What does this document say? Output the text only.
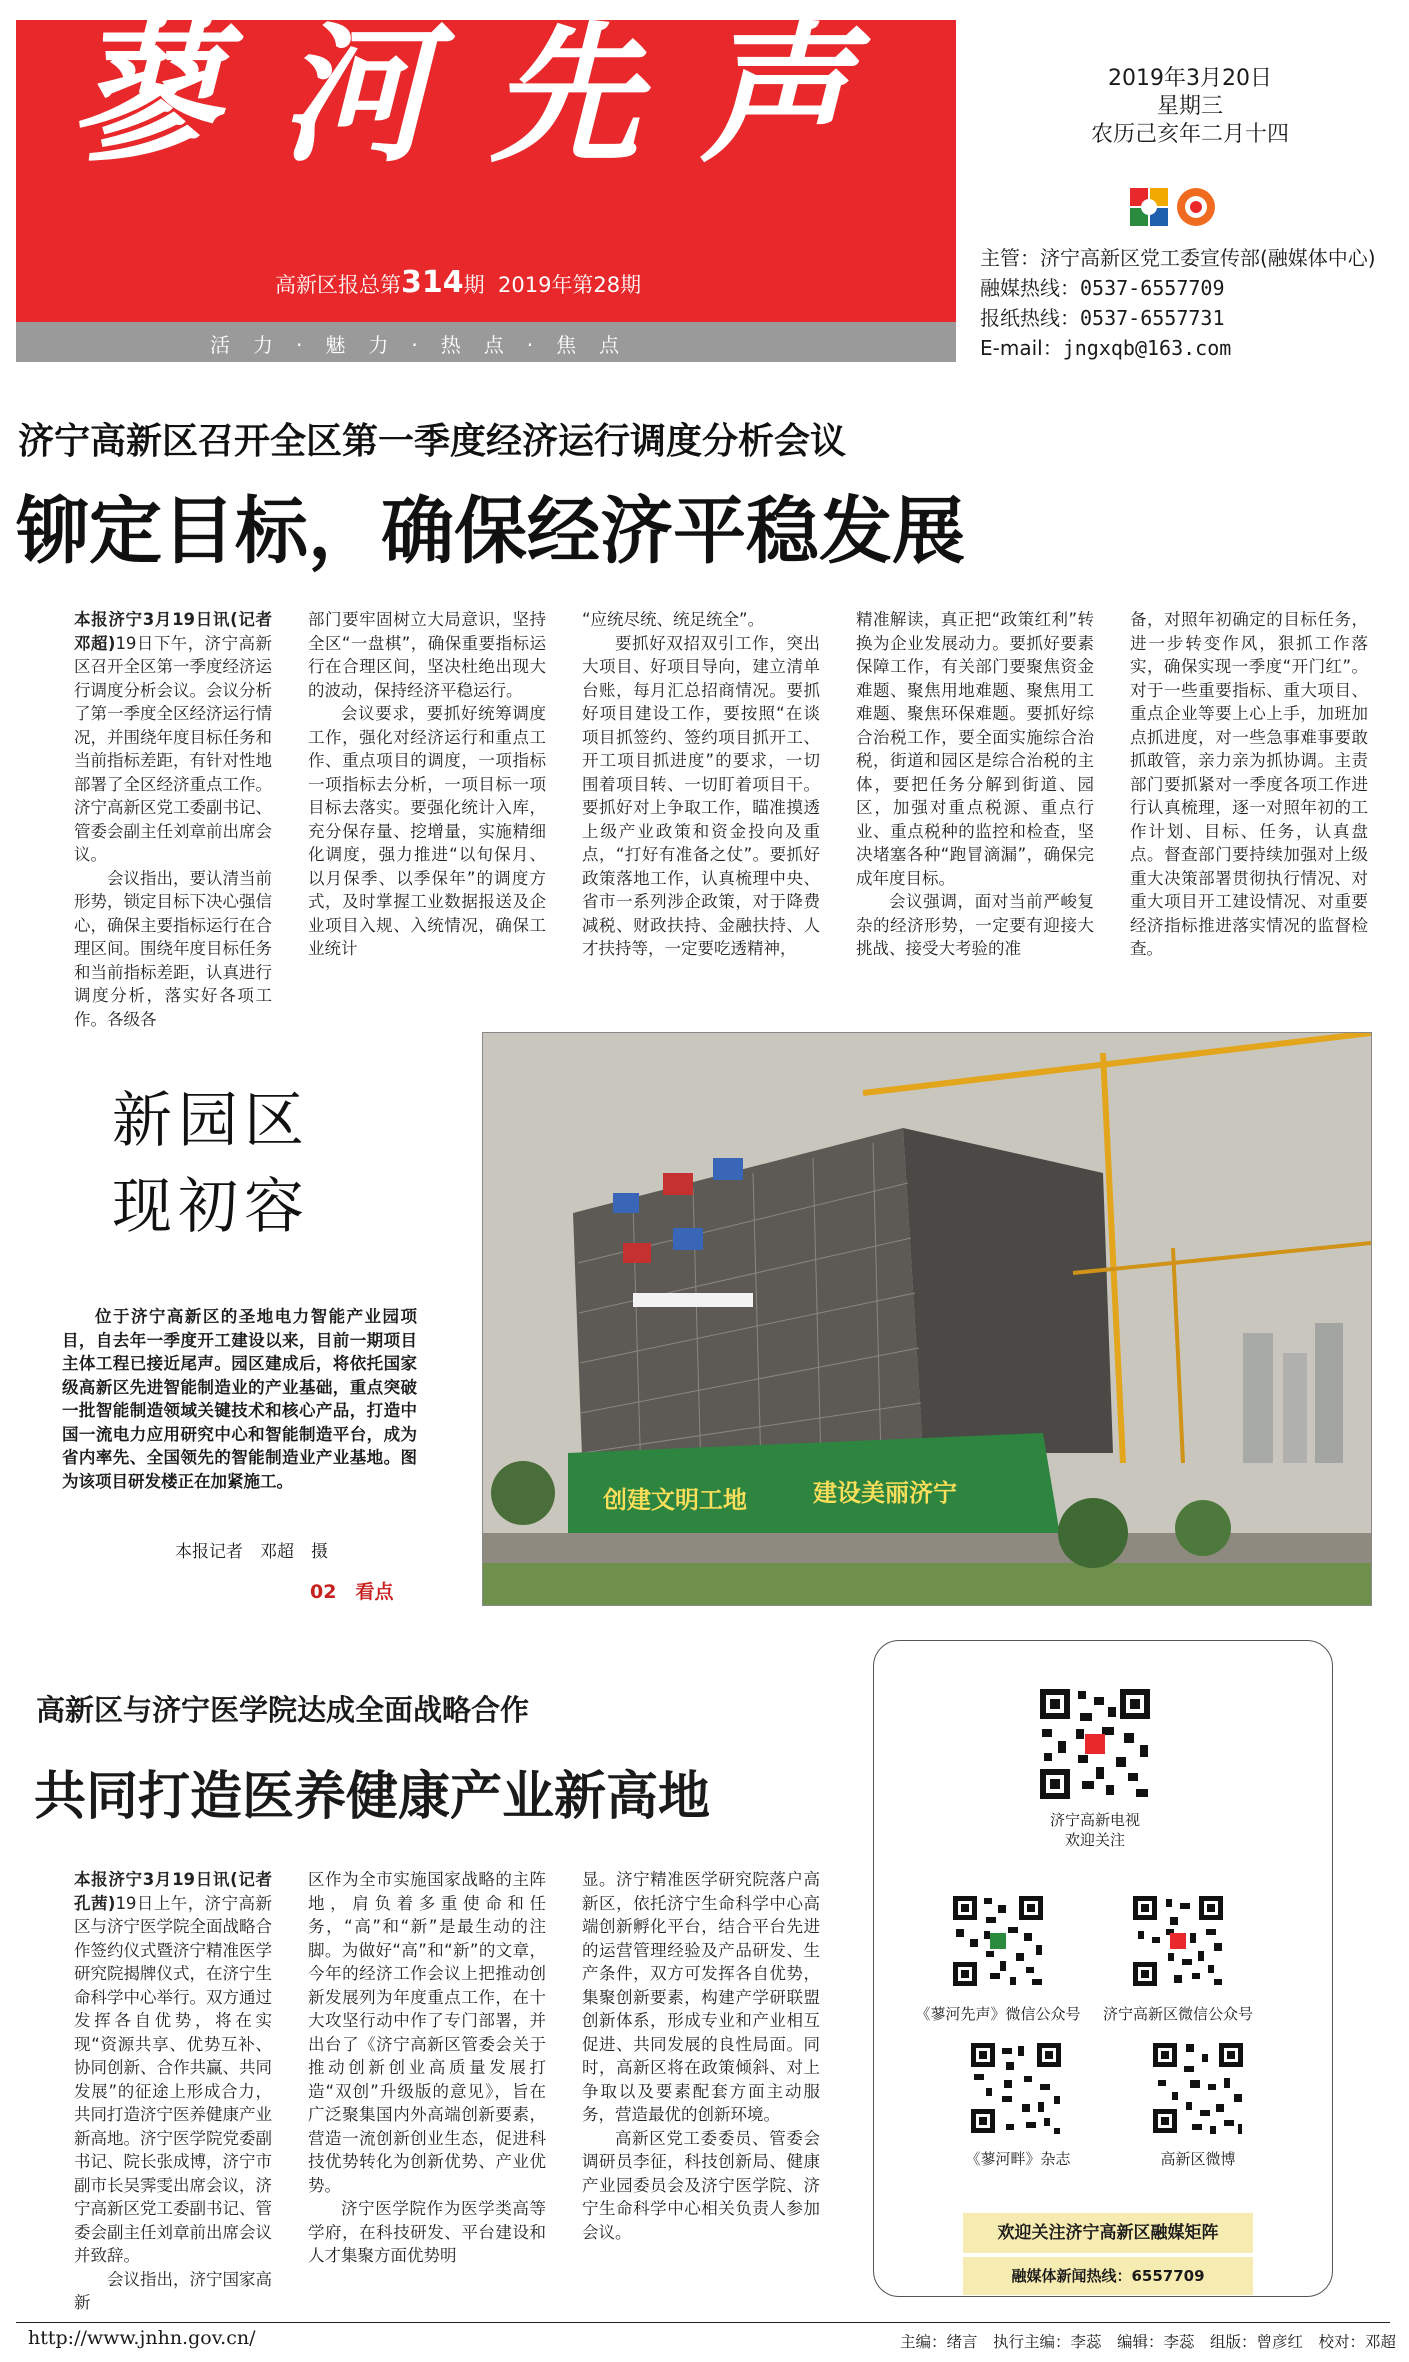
蓼河先声
高新区报总第314期 2019年第28期
活力·魅力·热点·焦点
2019年3月20日
星期三
农历己亥年二月十四
主管：济宁高新区党工委宣传部(融媒体中心)
融媒热线：0537-6557709
报纸热线：0537-6557731
E-mail：jngxqb@163.com
济宁高新区召开全区第一季度经济运行调度分析会议
铆定目标，确保经济平稳发展

本报济宁3月19日讯(记者 邓超)19日下午，济宁高新区召开全区第一季度经济运行调度分析会议。会议分析了第一季度全区经济运行情况，并围绕年度目标任务和当前指标差距，有针对性地部署了全区经济重点工作。济宁高新区党工委副书记、管委会副主任刘章前出席会议。

会议指出，要认清当前形势，锁定目标下决心强信心，确保主要指标运行在合理区间。围绕年度目标任务和当前指标差距，认真进行调度分析，落实好各项工作。各级各

部门要牢固树立大局意识，坚持全区“一盘棋”，确保重要指标运行在合理区间，坚决杜绝出现大的波动，保持经济平稳运行。

会议要求，要抓好统筹调度工作，强化对经济运行和重点工作、重点项目的调度，一项指标一项指标去分析，一项目标一项目标去落实。要强化统计入库，充分保存量、挖增量，实施精细化调度，强力推进“以旬保月、以月保季、以季保年”的调度方式，及时掌握工业数据报送及企业项目入规、入统情况，确保工业统计

“应统尽统、统足统全”。

要抓好双招双引工作，突出大项目、好项目导向，建立清单台账，每月汇总招商情况。要抓好项目建设工作，要按照“在谈项目抓签约、签约项目抓开工、开工项目抓进度”的要求，一切围着项目转、一切盯着项目干。要抓好对上争取工作，瞄准摸透上级产业政策和资金投向及重点，“打好有准备之仗”。要抓好政策落地工作，认真梳理中央、省市一系列涉企政策，对于降费减税、财政扶持、金融扶持、人才扶持等，一定要吃透精神，

精准解读，真正把“政策红利”转换为企业发展动力。要抓好要素保障工作，有关部门要聚焦资金难题、聚焦用地难题、聚焦用工难题、聚焦环保难题。要抓好综合治税工作，要全面实施综合治税，街道和园区是综合治税的主体，要把任务分解到街道、园区，加强对重点税源、重点行业、重点税种的监控和检查，坚决堵塞各种“跑冒滴漏”，确保完成年度目标。

会议强调，面对当前严峻复杂的经济形势，一定要有迎接大挑战、接受大考验的准

备，对照年初确定的目标任务，进一步转变作风，狠抓工作落实，确保实现一季度“开门红”。对于一些重要指标、重大项目、重点企业等要上心上手，加班加点抓进度，对一些急事难事要敢抓敢管，亲力亲为抓协调。主责部门要抓紧对一季度各项工作进行认真梳理，逐一对照年初的工作计划、目标、任务，认真盘点。督查部门要持续加强对上级重大决策部署贯彻执行情况、对重大项目开工建设情况、对重要经济指标推进落实情况的监督检查。

新园区
现初容

位于济宁高新区的圣地电力智能产业园项目，自去年一季度开工建设以来，目前一期项目主体工程已接近尾声。园区建成后，将依托国家级高新区先进智能制造业的产业基础，重点突破一批智能制造领域关键技术和核心产品，打造中国一流电力应用研究中心和智能制造平台，成为省内率先、全国领先的智能制造业产业基地。图为该项目研发楼正在加紧施工。

本报记者　邓超　摄
02　看点
创建文明工地	建设美丽济宁
高新区与济宁医学院达成全面战略合作
共同打造医养健康产业新高地

本报济宁3月19日讯(记者 孔茜)19日上午，济宁高新区与济宁医学院全面战略合作签约仪式暨济宁精准医学研究院揭牌仪式，在济宁生命科学中心举行。双方通过发挥各自优势，将在实现“资源共享、优势互补、协同创新、合作共赢、共同发展”的征途上形成合力，共同打造济宁医养健康产业新高地。济宁医学院党委副书记、院长张成博，济宁市副市长吴霁雯出席会议，济宁高新区党工委副书记、管委会副主任刘章前出席会议并致辞。

会议指出，济宁国家高新

区作为全市实施国家战略的主阵地，肩负着多重使命和任务，“高”和“新”是最生动的注脚。为做好“高”和“新”的文章，今年的经济工作会议上把推动创新发展列为年度重点工作，在十大攻坚行动中作了专门部署，并出台了《济宁高新区管委会关于推动创新创业高质量发展打造“双创”升级版的意见》，旨在广泛聚集国内外高端创新要素，营造一流创新创业生态，促进科技优势转化为创新优势、产业优势。

济宁医学院作为医学类高等学府，在科技研发、平台建设和人才集聚方面优势明

显。济宁精准医学研究院落户高新区，依托济宁生命科学中心高端创新孵化平台，结合平台先进的运营管理经验及产品研发、生产条件，双方可发挥各自优势，集聚创新要素，构建产学研联盟创新体系，形成专业和产业相互促进、共同发展的良性局面。同时，高新区将在政策倾斜、对上争取以及要素配套方面主动服务，营造最优的创新环境。

高新区党工委委员、管委会调研员李征，科技创新局、健康产业园委员会及济宁医学院、济宁生命科学中心相关负责人参加会议。

济宁高新电视
欢迎关注
《蓼河先声》微信公众号	济宁高新区微信公众号
《蓼河畔》杂志	高新区微博
欢迎关注济宁高新区融媒矩阵
融媒体新闻热线：6557709
http://www.jnhn.gov.cn/	主编：绪言　执行主编：李蕊　编辑：李蕊　组版：曾彦红　校对：邓超
